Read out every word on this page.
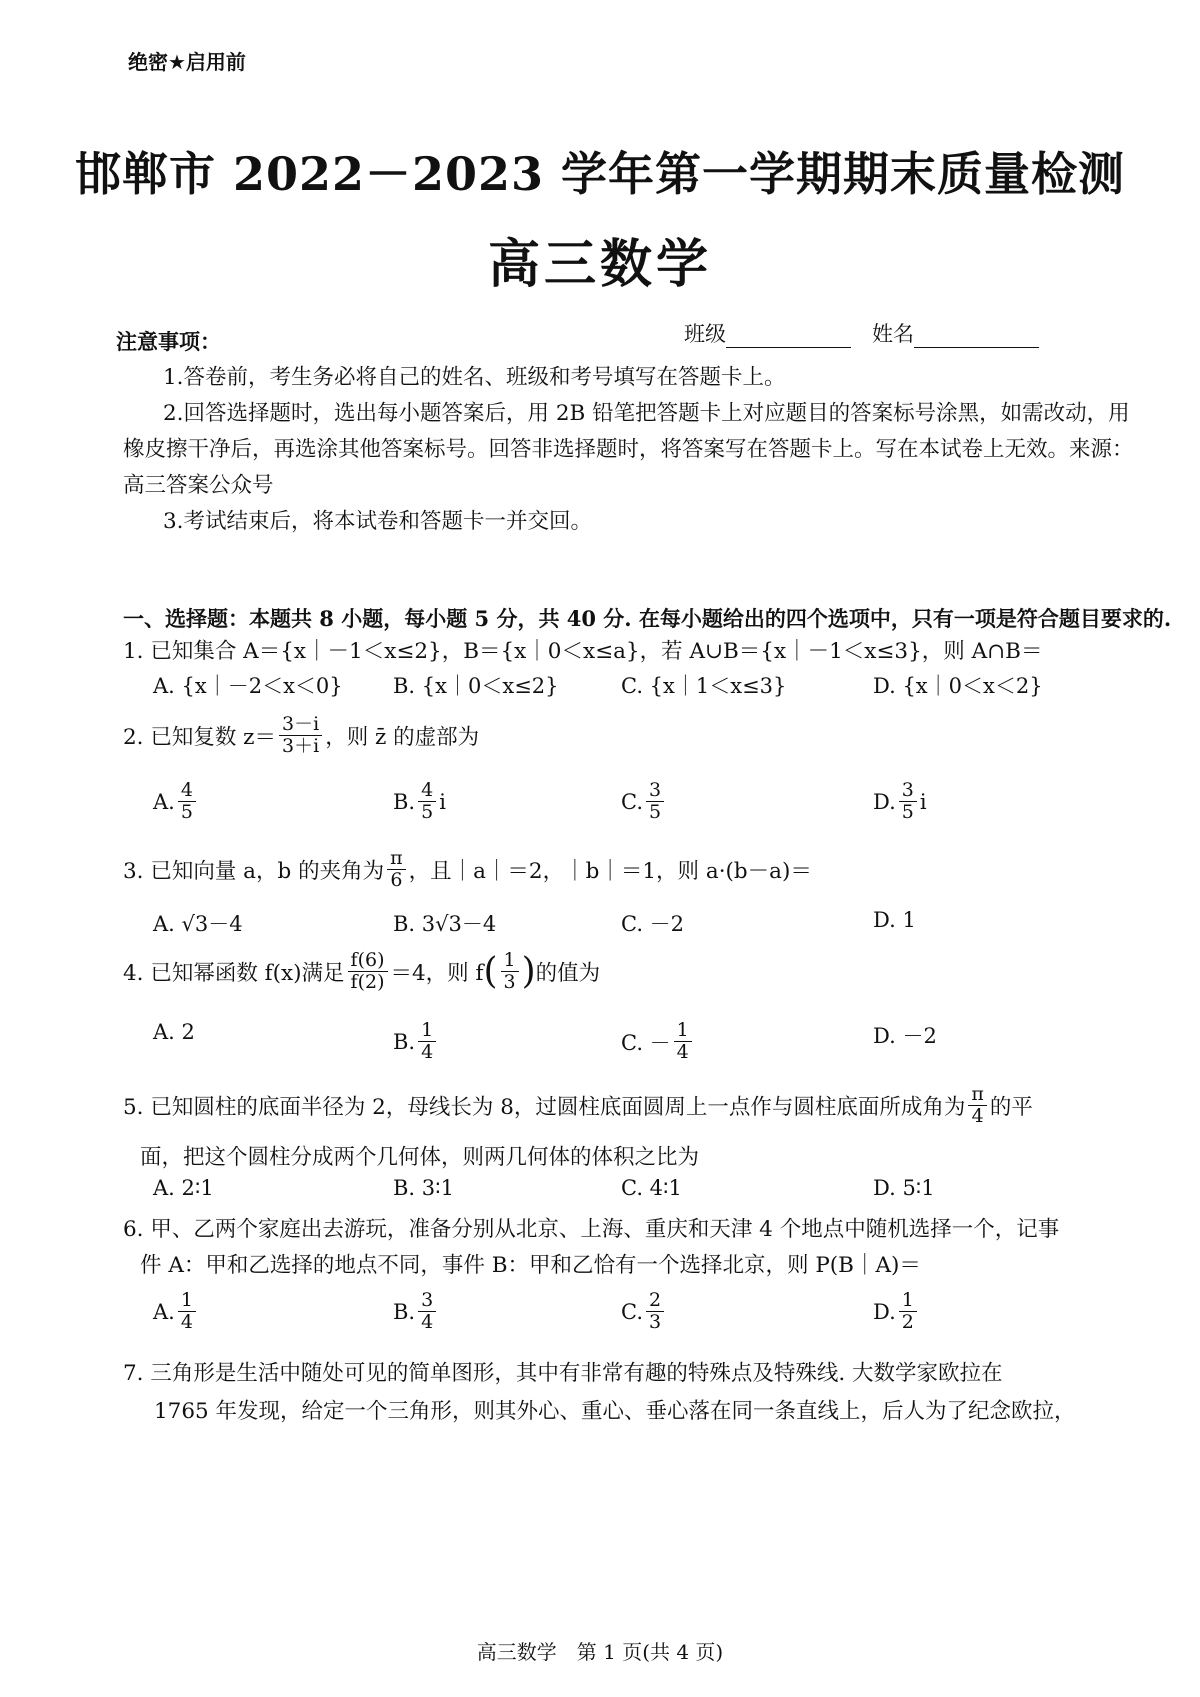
绝密★启用前
邯郸市 2022－2023 学年第一学期期末质量检测
高三数学
班级	姓名
注意事项：
1.答卷前，考生务必将自己的姓名、班级和考号填写在答题卡上。
2.回答选择题时，选出每小题答案后，用 2B 铅笔把答题卡上对应题目的答案标号涂黑，如需改动，用橡皮擦干净后，再选涂其他答案标号。回答非选择题时，将答案写在答题卡上。写在本试卷上无效。来源：高三答案公众号
3.考试结束后，将本试卷和答题卡一并交回。
一、选择题：本题共 8 小题，每小题 5 分，共 40 分. 在每小题给出的四个选项中，只有一项是符合题目要求的.
1. 已知集合 A＝{x｜－1＜x≤2}，B＝{x｜0＜x≤a}，若 A∪B＝{x｜－1＜x≤3}，则 A∩B＝
A. {x｜－2＜x＜0} B. {x｜0＜x≤2}	C. {x｜1＜x≤3}	D. {x｜0＜x＜2}
2. 已知复数 $z= \frac{3-i}{3+i}$ ，则 z̄ 的虚部为
A. $\frac{4}{5}$	B. $\frac{4}{5}$ i	C. $\frac{3}{5}$	D. $\frac{3}{5}$ i
3. 已知向量 a，b 的夹角为 $\frac{\pi}{6}$ ，且｜a｜＝2，｜b｜＝1，则 a·(b－a)＝
A. √3－4	B. 3√3－4	C. －2	D. 1
4. 已知幂函数 f(x)满足 $\frac{f(6)}{f(2)} =4$，则 f ( $\frac{1}{3}$ ) 的值为
A. 2	B. $\frac{1}{4}$	C. － $\frac{1}{4}$	D. －2
5. 已知圆柱的底面半径为 2，母线长为 8，过圆柱底面圆周上一点作与圆柱底面所成角为 $\frac{\pi}{4}$ 的平
面，把这个圆柱分成两个几何体，则两几何体的体积之比为
A. 2∶1	B. 3∶1	C. 4∶1	D. 5∶1
6. 甲、乙两个家庭出去游玩，准备分别从北京、上海、重庆和天津 4 个地点中随机选择一个，记事
件 A：甲和乙选择的地点不同，事件 B：甲和乙恰有一个选择北京，则 P(B｜A)＝
A. $\frac{1}{4}$	B. $\frac{3}{4}$	C. $\frac{2}{3}$	D. $\frac{1}{2}$
7. 三角形是生活中随处可见的简单图形，其中有非常有趣的特殊点及特殊线. 大数学家欧拉在
1765 年发现，给定一个三角形，则其外心、重心、垂心落在同一条直线上，后人为了纪念欧拉，
高三数学　第 1 页(共 4 页)
